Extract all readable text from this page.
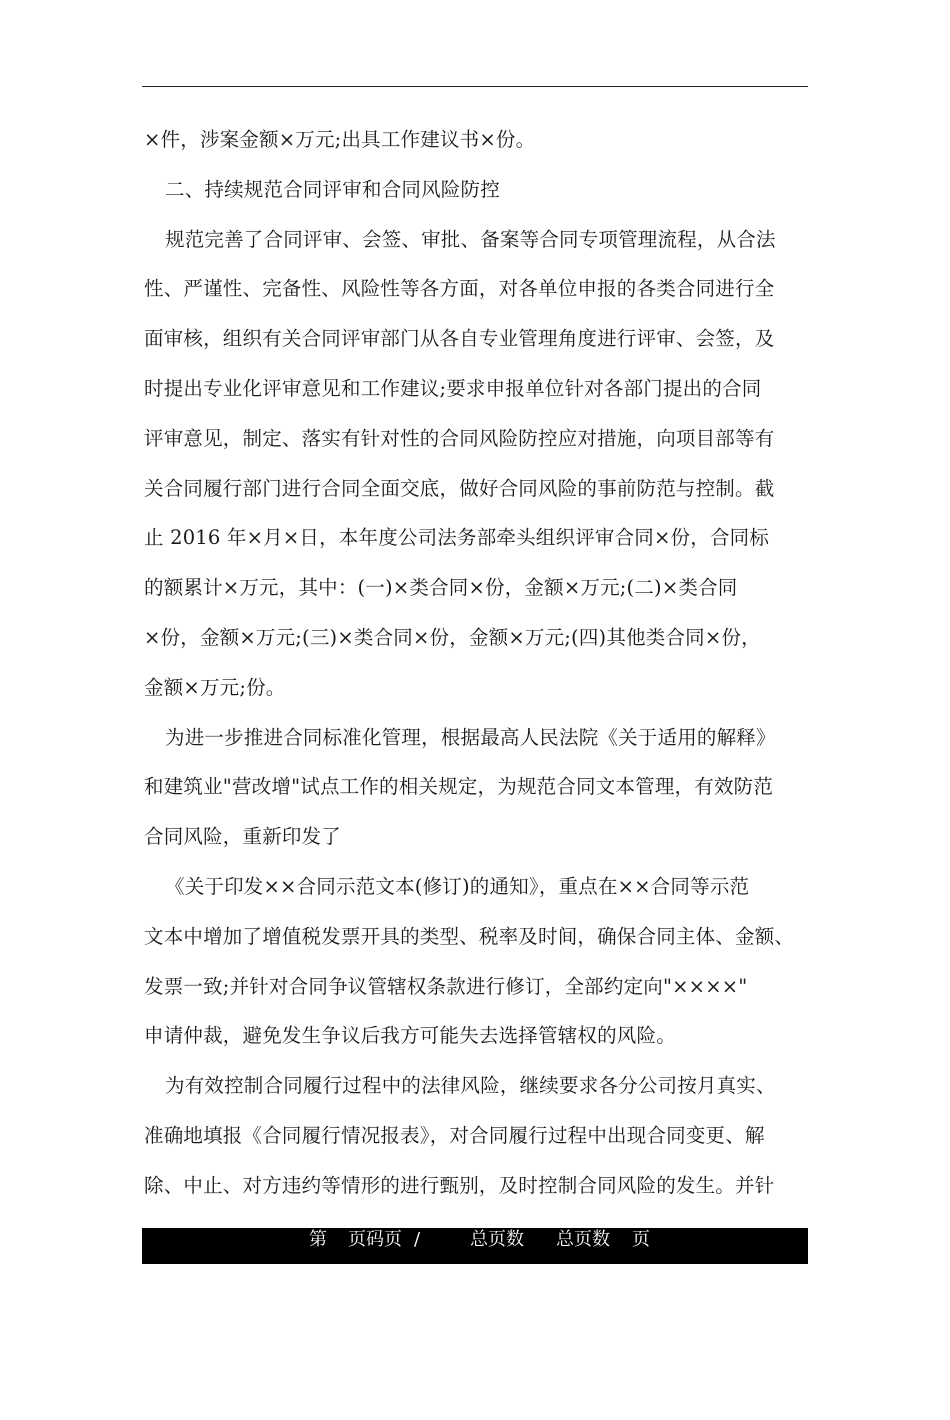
×件，涉案金额×万元;出具工作建议书×份。
二、持续规范合同评审和合同风险防控
规范完善了合同评审、会签、审批、备案等合同专项管理流程，从合法
性、严谨性、完备性、风险性等各方面，对各单位申报的各类合同进行全
面审核，组织有关合同评审部门从各自专业管理角度进行评审、会签，及
时提出专业化评审意见和工作建议;要求申报单位针对各部门提出的合同
评审意见，制定、落实有针对性的合同风险防控应对措施，向项目部等有
关合同履行部门进行合同全面交底，做好合同风险的事前防范与控制。截
止 2016 年×月×日，本年度公司法务部牵头组织评审合同×份，合同标
的额累计×万元，其中：(一)×类合同×份，金额×万元;(二)×类合同
×份，金额×万元;(三)×类合同×份，金额×万元;(四)其他类合同×份，
金额×万元;份。
为进一步推进合同标准化管理，根据最高人民法院《关于适用的解释》
和建筑业"营改增"试点工作的相关规定，为规范合同文本管理，有效防范
合同风险，重新印发了
《关于印发××合同示范文本(修订)的通知》，重点在××合同等示范
文本中增加了增值税发票开具的类型、税率及时间，确保合同主体、金额、
发票一致;并针对合同争议管辖权条款进行修订，全部约定向"××××"
申请仲裁，避免发生争议后我方可能失去选择管辖权的风险。
为有效控制合同履行过程中的法律风险，继续要求各分公司按月真实、
准确地填报《合同履行情况报表》，对合同履行过程中出现合同变更、解
除、中止、对方违约等情形的进行甄别，及时控制合同风险的发生。并针

第

页码页

/

	总页数

总页数

页
